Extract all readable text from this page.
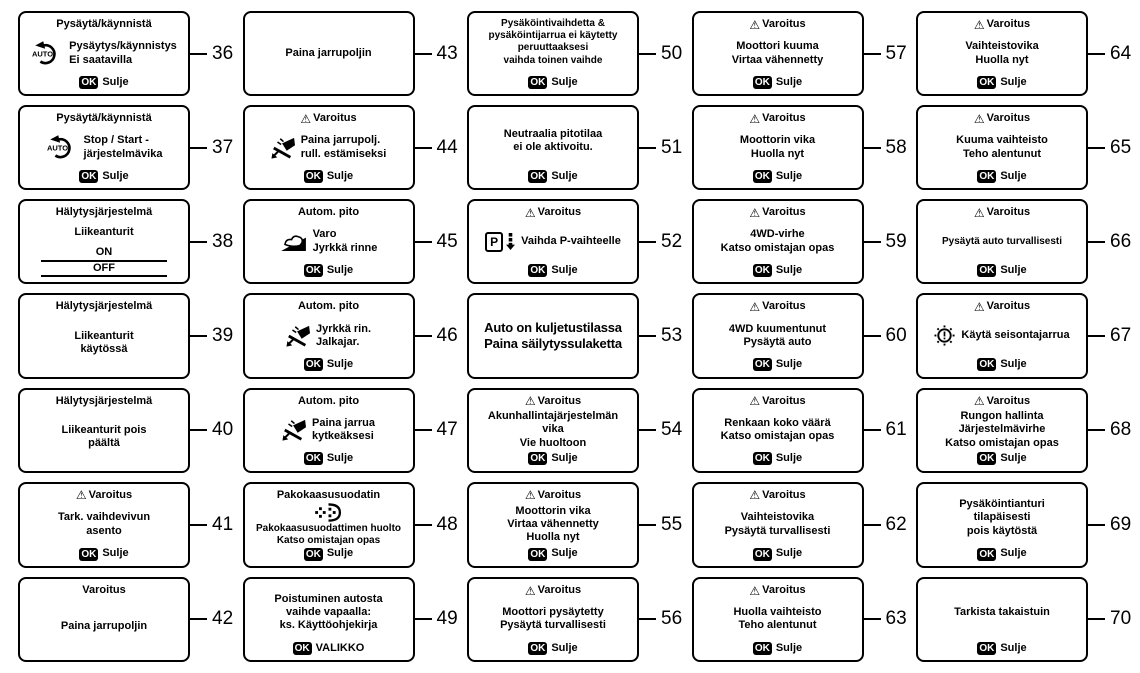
Pysäytä/käynnistä
AUTO
Pysäytys/käynnistys
Ei saatavilla
OK Sulje
36
Pysäytä/käynnistä
AUTO
Stop / Start -
järjestelmävika
OK Sulje
37
Hälytysjärjestelmä
Liikeanturit
ON
OFF
38
Hälytysjärjestelmä
Liikeanturit
käytössä
39
Hälytysjärjestelmä
Liikeanturit pois
päältä
40
⚠ Varoitus
Tark. vaihdevivun
asento
OK Sulje
41
Varoitus
Paina jarrupoljin	42
Paina jarrupoljin	43
⚠ Varoitus
Paina jarrupolj.
rull. estämiseksi
OK Sulje
44
Autom. pito
Varo
Jyrkkä rinne
OK Sulje
45
Autom. pito
Jyrkkä rin.
Jalkajar.
OK Sulje
46
Autom. pito
Paina jarrua
kytkeäksesi
OK Sulje
47
Pakokaasusuodatin
Pakokaasusuodattimen huolto
Katso omistajan opas
OK Sulje
48
Poistuminen autosta
vaihde vapaalla:
ks. Käyttöohjekirja
OK VALIKKO
49
Pysäköintivaihdetta &
pysäköintijarrua ei käytetty
peruuttaaksesi
vaihda toinen vaihde
OK Sulje
50
Neutraalia pitotilaa
ei ole aktivoitu.
OK Sulje
51
⚠ Varoitus
P	Vaihda P-vaihteelle
OK Sulje
52
Auto on kuljetustilassa
Paina säilytyssulaketta 53
⚠ Varoitus
Akunhallintajärjestelmän
vika
Vie huoltoon
OK Sulje
54
⚠ Varoitus
Moottorin vika
Virtaa vähennetty
Huolla nyt
OK Sulje
55
⚠ Varoitus
Moottori pysäytetty
Pysäytä turvallisesti
OK Sulje
56
⚠ Varoitus
Moottori kuuma
Virtaa vähennetty
OK Sulje
57
⚠ Varoitus
Moottorin vika
Huolla nyt
OK Sulje
58
⚠ Varoitus
4WD-virhe
Katso omistajan opas
OK Sulje
59
⚠ Varoitus
4WD kuumentunut
Pysäytä auto
OK Sulje
60
⚠ Varoitus
Renkaan koko väärä
Katso omistajan opas
OK Sulje
61
⚠ Varoitus
Vaihteistovika
Pysäytä turvallisesti
OK Sulje
62
⚠ Varoitus
Huolla vaihteisto
Teho alentunut
OK Sulje
63
⚠ Varoitus
Vaihteistovika
Huolla nyt
OK Sulje
64
⚠ Varoitus
Kuuma vaihteisto
Teho alentunut
OK Sulje
65
⚠ Varoitus
Pysäytä auto turvallisesti
OK Sulje
66
⚠ Varoitus
Käytä seisontajarrua
OK Sulje
67
⚠ Varoitus
Rungon hallinta
Järjestelmävirhe
Katso omistajan opas
OK Sulje
68
Pysäköintianturi
tilapäisesti
pois käytöstä
OK Sulje
69
Tarkista takaistuin
OK Sulje
70
